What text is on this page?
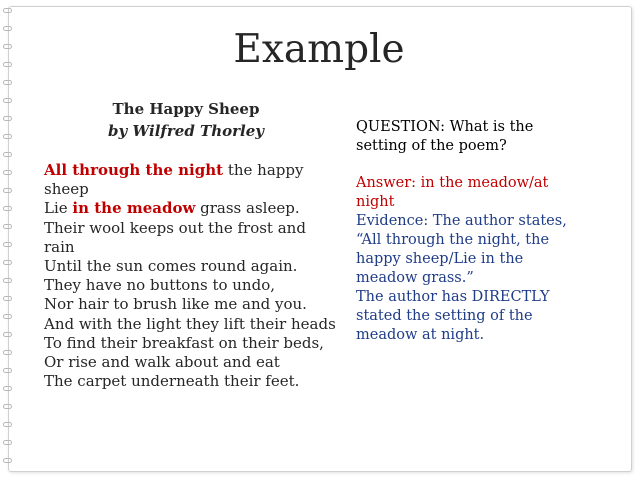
Example
The Happy Sheep
by Wilfred Thorley
All through the night the happy sheep
Lie in the meadow grass asleep.
Their wool keeps out the frost and rain
Until the sun comes round again.
They have no buttons to undo,
Nor hair to brush like me and you.
And with the light they lift their heads
To find their breakfast on their beds,
Or rise and walk about and eat
The carpet underneath their feet.
QUESTION: What is the setting of the poem?
Answer: in the meadow/at night
Evidence: The author states, “All through the night, the happy sheep/Lie in the meadow grass.”
The author has DIRECTLY stated the setting of the meadow at night.
